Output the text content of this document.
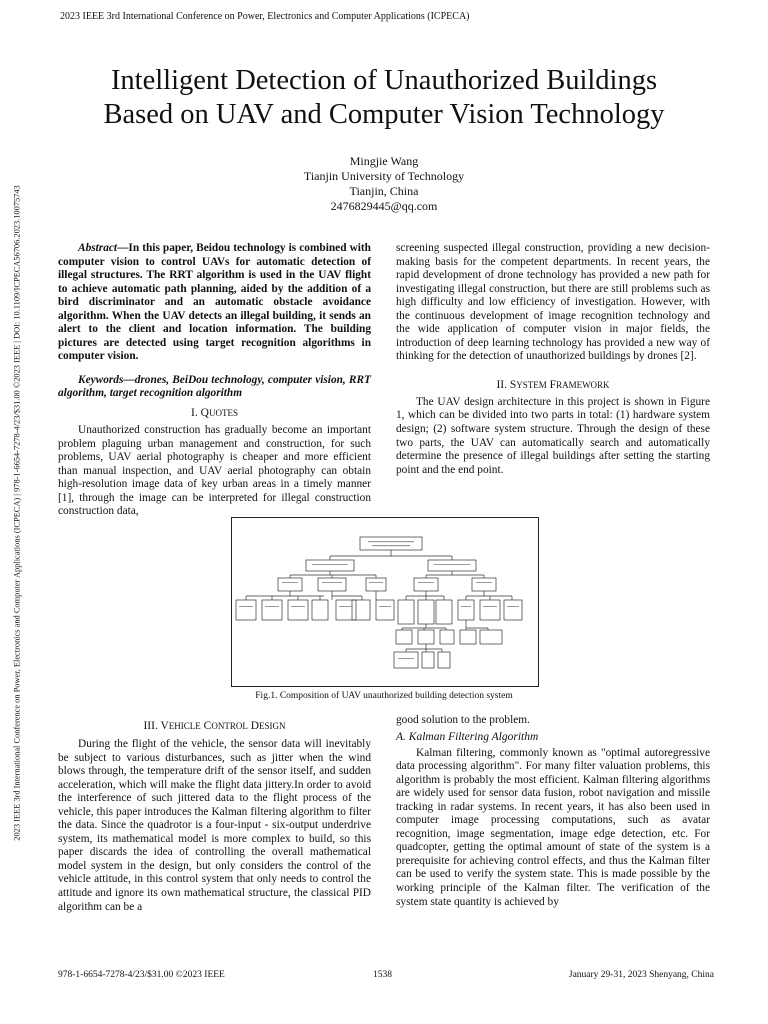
2023 IEEE 3rd International Conference on Power, Electronics and Computer Applications (ICPECA)
2023 IEEE 3rd International Conference on Power, Electronics and Computer Applications (ICPECA) | 978-1-6654-7278-4/23/$31.00 ©2023 IEEE | DOI: 10.1109/ICPECA56706.2023.10075743
Intelligent Detection of Unauthorized Buildings
Based on UAV and Computer Vision Technology
Mingjie Wang
Tianjin University of Technology
Tianjin, China
2476829445@qq.com

Abstract—In this paper, Beidou technology is combined with computer vision to control UAVs for automatic detection of illegal structures. The RRT algorithm is used in the UAV flight to achieve automatic path planning, aided by the addition of a bird discriminator and an automatic obstacle avoidance algorithm. When the UAV detects an illegal building, it sends an alert to the client and location information. The building pictures are detected using target recognition algorithms in computer vision.

Keywords—drones, BeiDou technology, computer vision, RRT algorithm, target recognition algorithm

I. QUOTES

Unauthorized construction has gradually become an important problem plaguing urban management and construction, for such problems, UAV aerial photography is cheaper and more efficient than manual inspection, and UAV aerial photography can obtain high-resolution image data of key urban areas in a timely manner [1], through the image can be interpreted for illegal construction construction data,

screening suspected illegal construction, providing a new decision-making basis for the competent departments. In recent years, the rapid development of drone technology has provided a new path for investigating illegal construction, but there are still problems such as high difficulty and low efficiency of investigation. However, with the continuous development of image recognition technology and the wide application of computer vision in major fields, the introduction of deep learning technology has provided a new way of thinking for the detection of unauthorized buildings by drones [2].

II. SYSTEM FRAMEWORK

The UAV design architecture in this project is shown in Figure 1, which can be divided into two parts in total: (1) hardware system design; (2) software system structure. Through the design of these two parts, the UAV can automatically search and automatically determine the presence of illegal buildings after setting the starting point and the end point.

Fig.1. Composition of UAV unauthorized building detection system
III. VEHICLE CONTROL DESIGN

During the flight of the vehicle, the sensor data will inevitably be subject to various disturbances, such as jitter when the wind blows through, the temperature drift of the sensor itself, and sudden acceleration, which will make the flight data jittery.In order to avoid the interference of such jittered data to the flight process of the vehicle, this paper introduces the Kalman filtering algorithm to filter the data. Since the quadrotor is a four-input - six-output underdrive system, its mathematical model is more complex to build, so this paper discards the idea of controlling the overall mathematical model system in the design, but only considers the control of the vehicle attitude, in this control system that only needs to control the attitude and ignore its own mathematical structure, the classical PID algorithm can be a

good solution to the problem.

A. Kalman Filtering Algorithm

Kalman filtering, commonly known as "optimal autoregressive data processing algorithm". For many filter valuation problems, this algorithm is probably the most efficient. Kalman filtering algorithms are widely used for sensor data fusion, robot navigation and missile tracking in radar systems. In recent years, it has also been used in computer image processing computations, such as avatar recognition, image segmentation, image edge detection, etc. For quadcopter, getting the optimal amount of state of the system is a prerequisite for achieving control effects, and thus the Kalman filter can be used to verify the system state. This is made possible by the working principle of the Kalman filter. The verification of the system state quantity is achieved by

978-1-6654-7278-4/23/$31.00 ©2023 IEEE	1538	January 29-31, 2023 Shenyang, China
